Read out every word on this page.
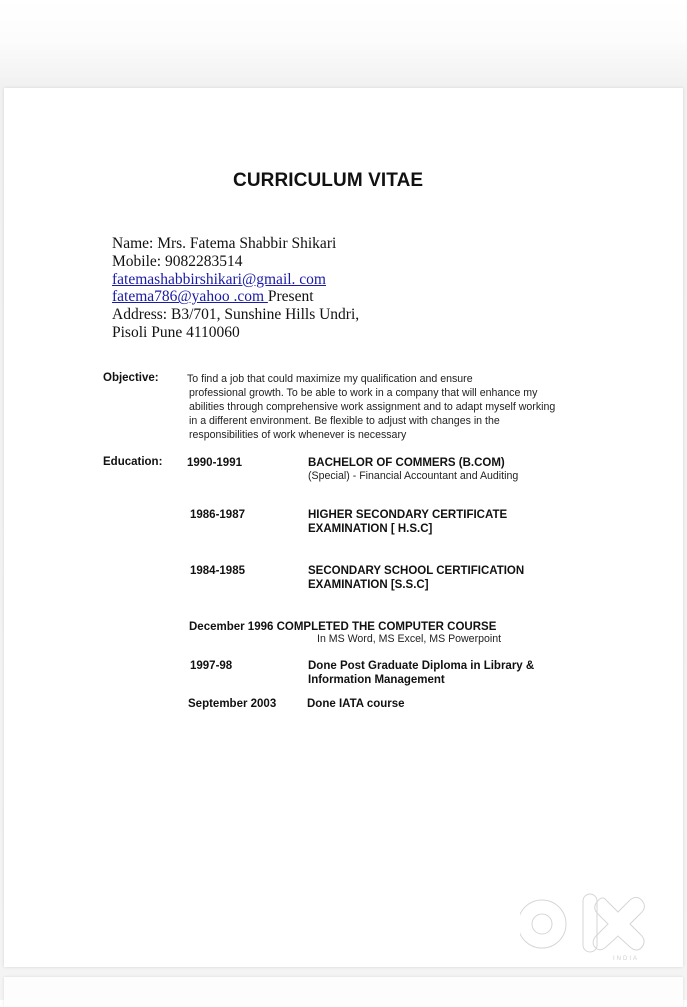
CURRICULUM VITAE
Name: Mrs. Fatema Shabbir Shikari
Mobile: 9082283514
fatemashabbirshikari@gmail. com
fatema786@yahoo .com Present
Address: B3/701, Sunshine Hills Undri,
Pisoli Pune 4110060
Objective:	To find a job that could maximize my qualification and ensure
professional growth. To be able to work in a company that will enhance my
abilities through comprehensive work assignment and to adapt myself working
in a different environment. Be flexible to adjust with changes in the
responsibilities of work whenever is necessary
Education: 1990-1991	BACHELOR OF COMMERS (B.COM)
(Special) - Financial Accountant and Auditing
1986-1987	HIGHER SECONDARY CERTIFICATE
EXAMINATION [ H.S.C]
1984-1985	SECONDARY SCHOOL CERTIFICATION
EXAMINATION [S.S.C]
December 1996 COMPLETED THE COMPUTER COURSE
In MS Word, MS Excel, MS Powerpoint
1997-98	Done Post Graduate Diploma in Library &
Information Management
September 2003	Done IATA course
INDIA
